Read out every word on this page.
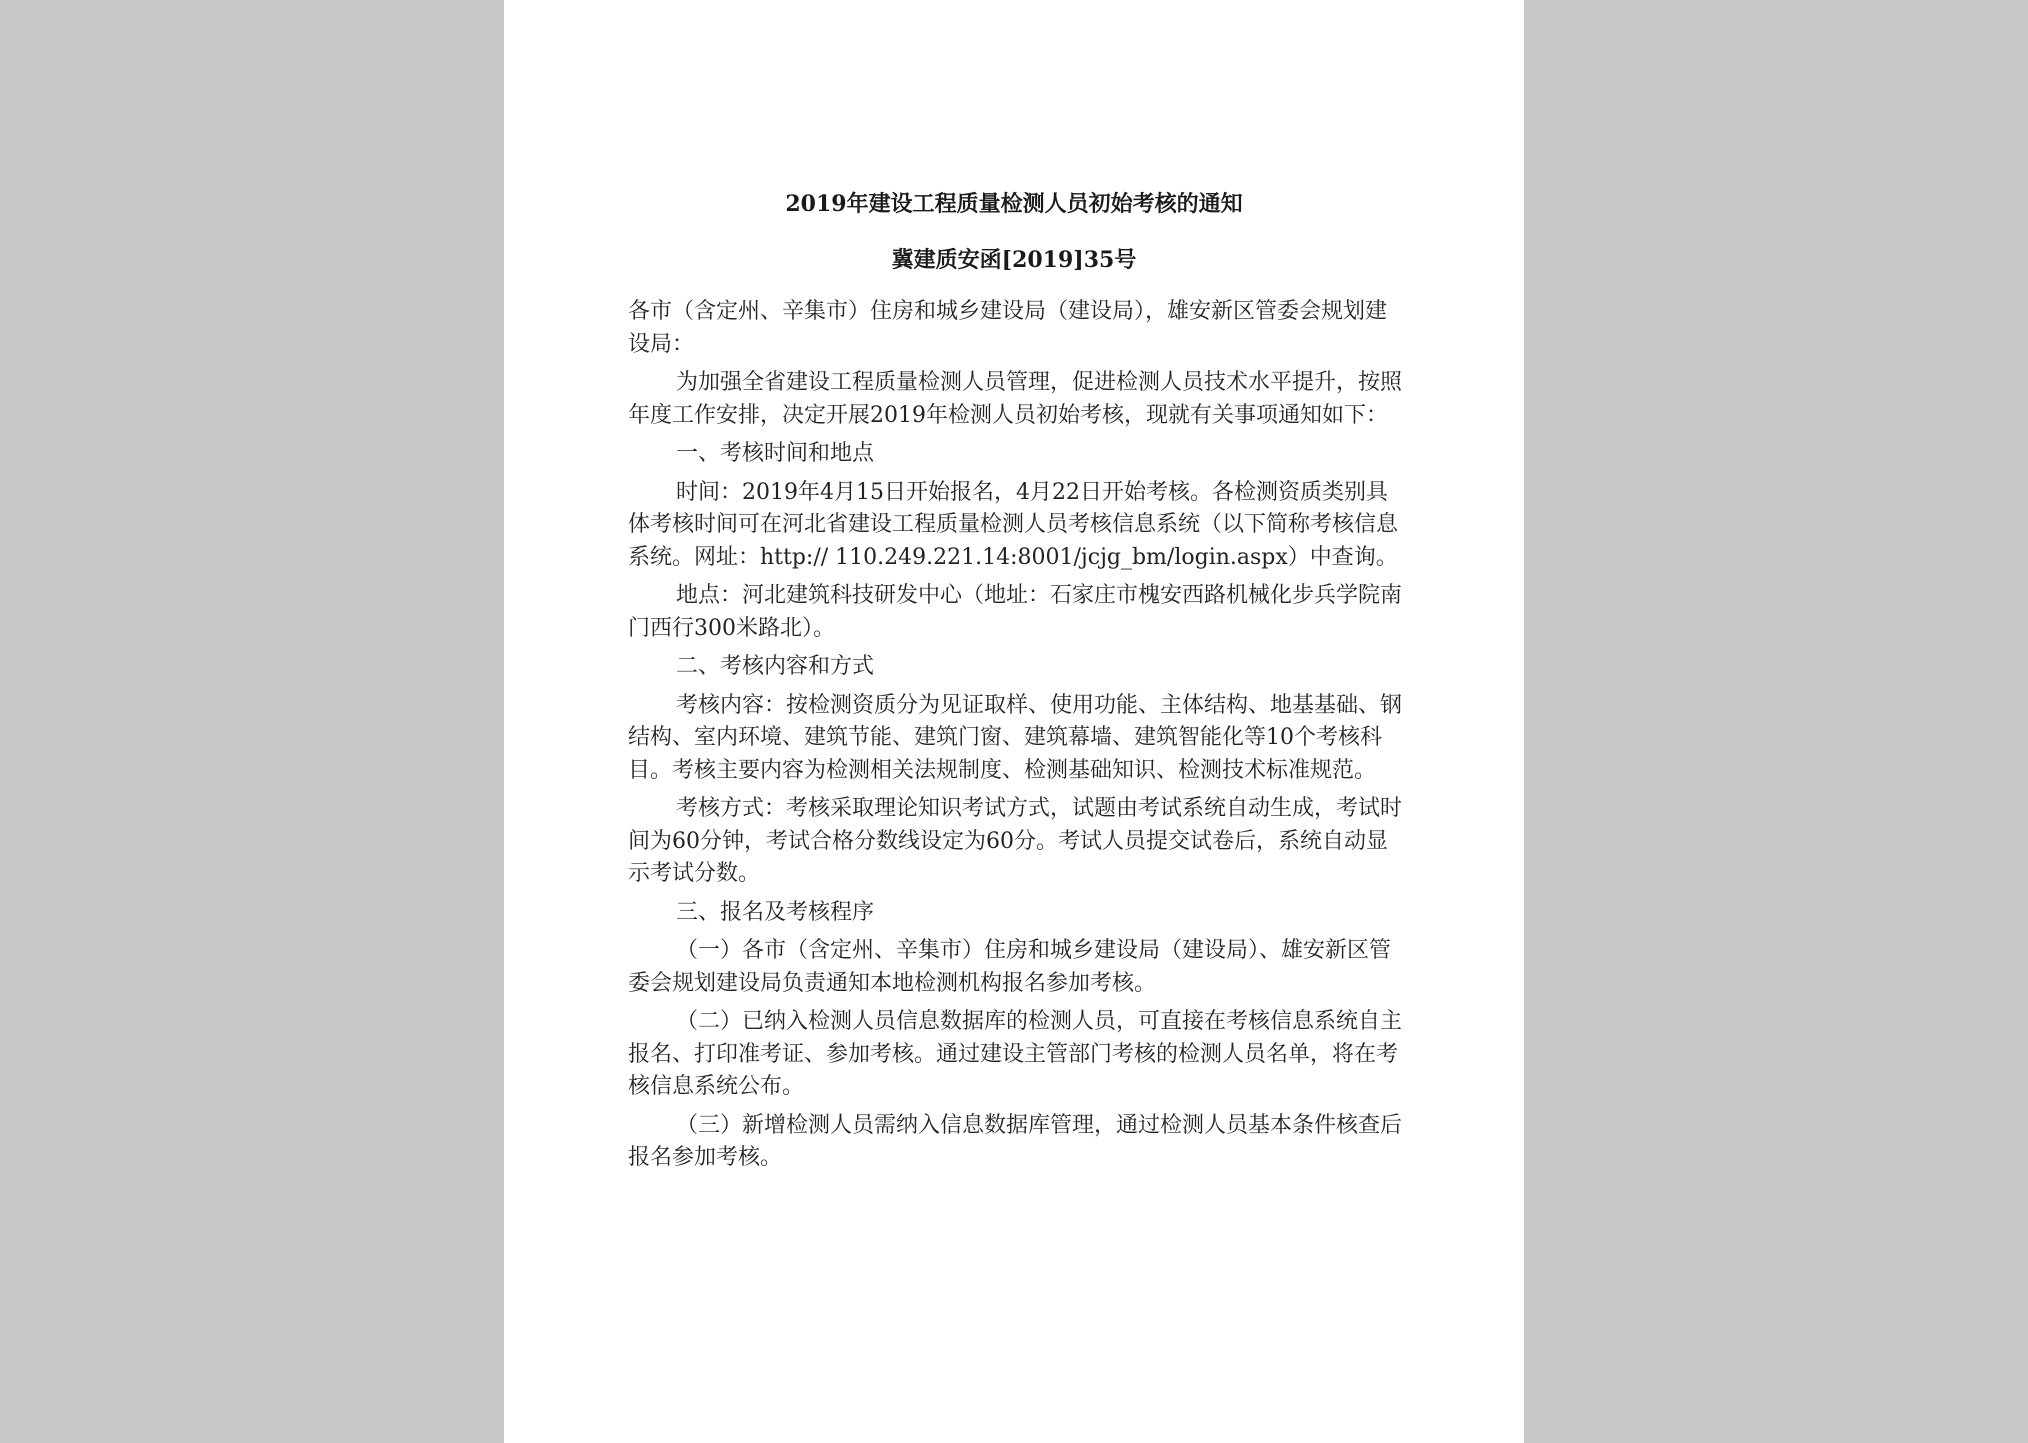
2019年建设工程质量检测人员初始考核的通知
冀建质安函[2019]35号

各市（含定州、辛集市）住房和城乡建设局（建设局），雄安新区管委会规划建设局：

为加强全省建设工程质量检测人员管理，促进检测人员技术水平提升，按照年度工作安排，决定开展2019年检测人员初始考核，现就有关事项通知如下：

一、考核时间和地点

时间：2019年4月15日开始报名，4月22日开始考核。各检测资质类别具体考核时间可在河北省建设工程质量检测人员考核信息系统（以下简称考核信息系统。网址：http:// 110.249.221.14:8001/jcjg_bm/login.aspx）中查询。

地点：河北建筑科技研发中心（地址：石家庄市槐安西路机械化步兵学院南门西行300米路北）。

二、考核内容和方式

考核内容：按检测资质分为见证取样、使用功能、主体结构、地基基础、钢结构、室内环境、建筑节能、建筑门窗、建筑幕墙、建筑智能化等10个考核科目。考核主要内容为检测相关法规制度、检测基础知识、检测技术标准规范。

考核方式：考核采取理论知识考试方式，试题由考试系统自动生成，考试时间为60分钟，考试合格分数线设定为60分。考试人员提交试卷后，系统自动显示考试分数。

三、报名及考核程序

（一）各市（含定州、辛集市）住房和城乡建设局（建设局）、雄安新区管委会规划建设局负责通知本地检测机构报名参加考核。

（二）已纳入检测人员信息数据库的检测人员，可直接在考核信息系统自主报名、打印准考证、参加考核。通过建设主管部门考核的检测人员名单，将在考核信息系统公布。

（三）新增检测人员需纳入信息数据库管理，通过检测人员基本条件核查后报名参加考核。
